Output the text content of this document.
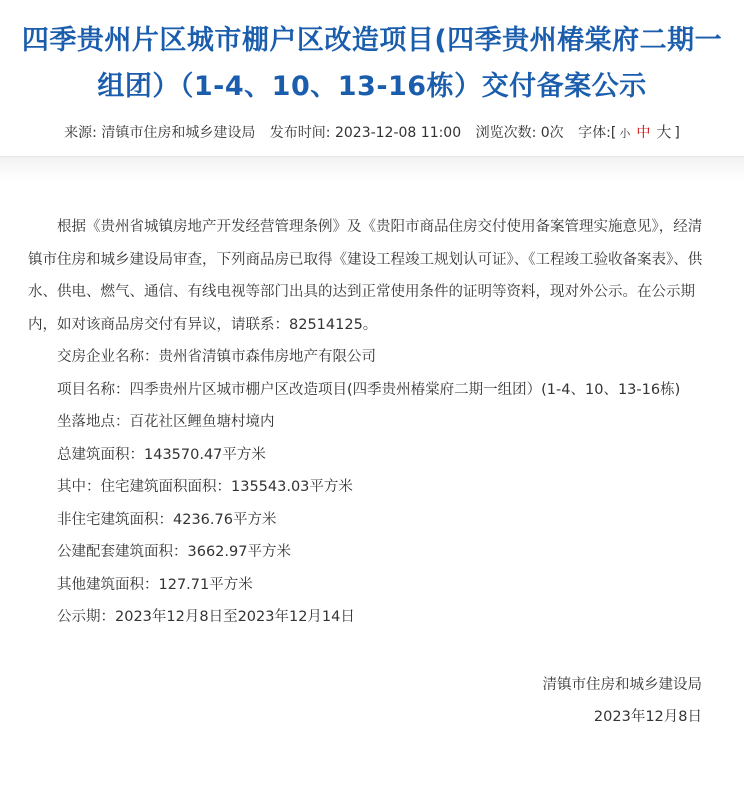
四季贵州片区城市棚户区改造项目(四季贵州椿棠府二期一组团）（1-4、10、13-16栋）交付备案公示
来源: 清镇市住房和城乡建设局 发布时间: 2023-12-08 11:00 浏览次数: 0次 字体:[ 小 中 大 ]

根据《贵州省城镇房地产开发经营管理条例》及《贵阳市商品住房交付使用备案管理实施意见》，经清镇市住房和城乡建设局审查，下列商品房已取得《建设工程竣工规划认可证》、《工程竣工验收备案表》、供水、供电、燃气、通信、有线电视等部门出具的达到正常使用条件的证明等资料，现对外公示。在公示期内，如对该商品房交付有异议，请联系：82514125。

交房企业名称：贵州省清镇市森伟房地产有限公司

项目名称：四季贵州片区城市棚户区改造项目(四季贵州椿棠府二期一组团）(1-4、10、13-16栋)

坐落地点：百花社区鲤鱼塘村境内

总建筑面积：143570.47平方米

其中：住宅建筑面积面积：135543.03平方米

非住宅建筑面积：4236.76平方米

公建配套建筑面积：3662.97平方米

其他建筑面积：127.71平方米

公示期：2023年12月8日至2023年12月14日

清镇市住房和城乡建设局
2023年12月8日
